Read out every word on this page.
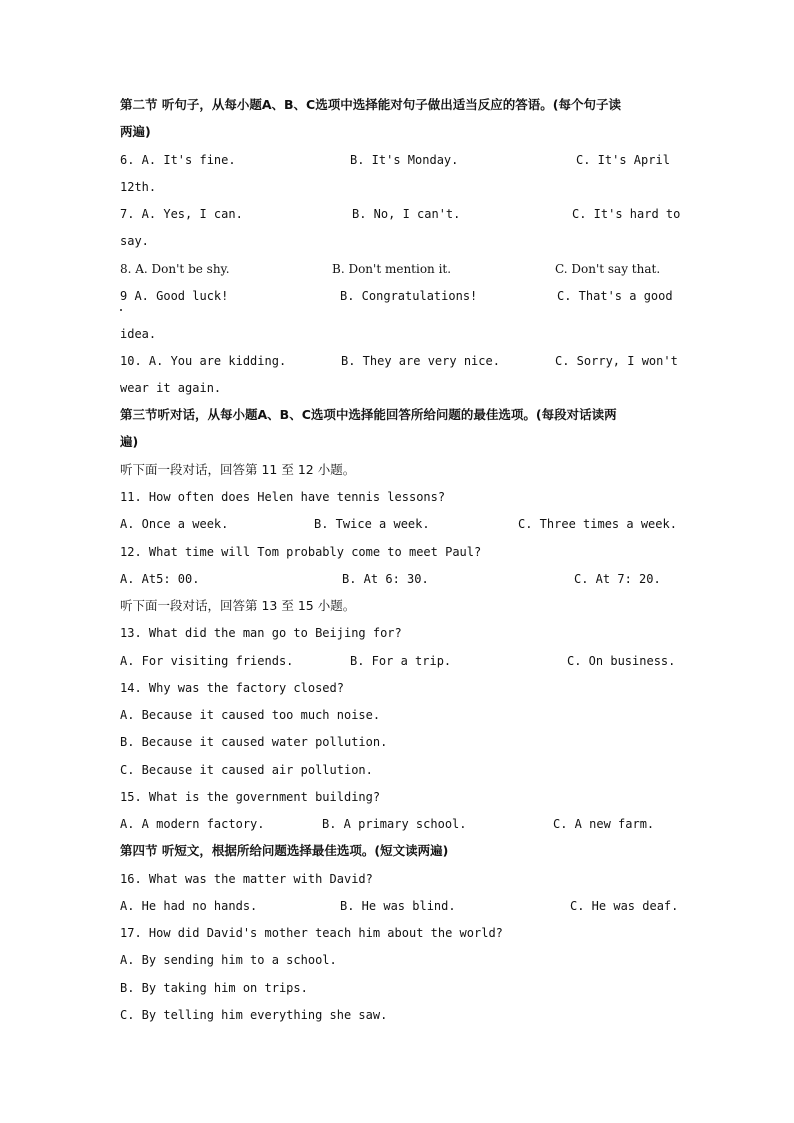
第二节 听句子，从每小题A、B、C选项中选择能对句子做出适当反应的答语。(每个句子读
两遍)
6. A. It's fine.	B. It's Monday.	C. It's April
12th.
7. A. Yes, I can.	B. No, I can't.	C. It's hard to
say.
8. A. Don't be shy.	B. Don't mention it.	C. Don't say that.
9 A. Good luck!	B. Congratulations!	C. That's a good
idea.
10. A. You are kidding.	B. They are very nice.	C. Sorry, I won't
wear it again.
第三节听对话，从每小题A、B、C选项中选择能回答所给问题的最佳选项。(每段对话读两
遍)
听下面一段对话，回答第 11 至 12 小题。
11. How often does Helen have tennis lessons?
A. Once a week.	B. Twice a week.	C. Three times a week.
12. What time will Tom probably come to meet Paul?
A. At5: 00.	B. At 6: 30.	C. At 7: 20.
听下面一段对话，回答第 13 至 15 小题。
13. What did the man go to Beijing for?
A. For visiting friends.	B. For a trip.	C. On business.
14. Why was the factory closed?
A. Because it caused too much noise.
B. Because it caused water pollution.
C. Because it caused air pollution.
15. What is the government building?
A. A modern factory.	B. A primary school.	C. A new farm.
第四节 听短文，根据所给问题选择最佳选项。(短文读两遍)
16. What was the matter with David?
A. He had no hands.	B. He was blind.	C. He was deaf.
17. How did David's mother teach him about the world?
A. By sending him to a school.
B. By taking him on trips.
C. By telling him everything she saw.
